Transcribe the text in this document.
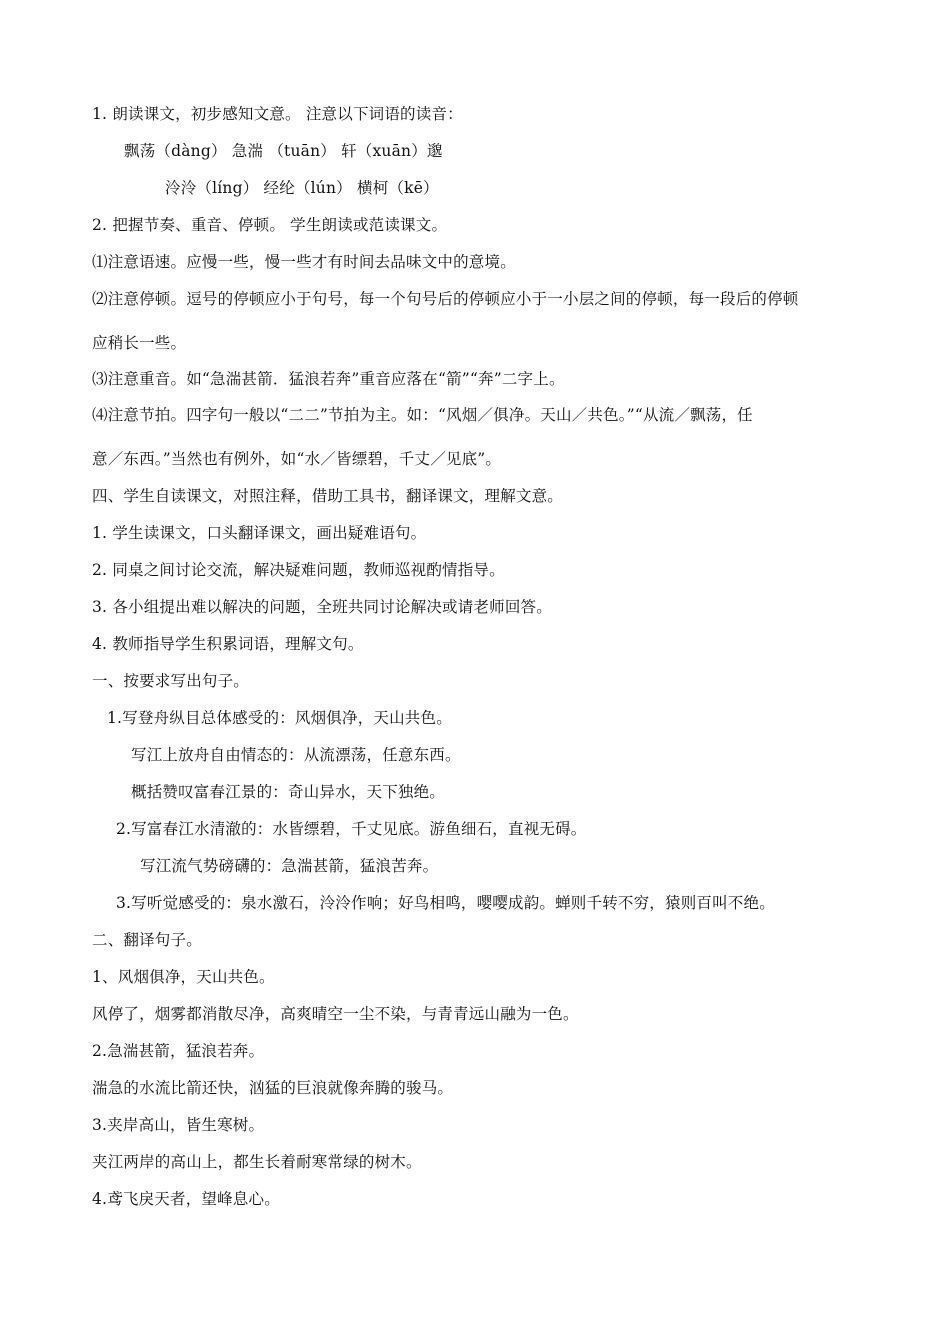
1. 朗读课文，初步感知文意。 注意以下词语的读音：
飘荡（dàng） 急湍 （tuān） 轩（xuān）邈
泠泠（líng） 经纶（lún） 横柯（kē）
2. 把握节奏、重音、停顿。 学生朗读或范读课文。
⑴注意语速。应慢一些，慢一些才有时间去品味文中的意境。
⑵注意停顿。逗号的停顿应小于句号，每一个句号后的停顿应小于一小层之间的停顿，每一段后的停顿
应稍长一些。
⑶注意重音。如“急湍甚箭．猛浪若奔”重音应落在“箭”“奔”二字上。
⑷注意节拍。四字句一般以“二二”节拍为主。如：“风烟／俱净。天山／共色。”“从流／飘荡，任
意／东西。”当然也有例外，如“水／皆缥碧，千丈／见底”。
四、学生自读课文，对照注释，借助工具书，翻译课文，理解文意。
1. 学生读课文，口头翻译课文，画出疑难语句。
2. 同桌之间讨论交流，解决疑难问题，教师巡视酌情指导。
3. 各小组提出难以解决的问题，全班共同讨论解决或请老师回答。
4. 教师指导学生积累词语，理解文句。
一、按要求写出句子。
1.写登舟纵目总体感受的：风烟俱净，天山共色。
写江上放舟自由情态的：从流漂荡，任意东西。
概括赞叹富春江景的：奇山异水，天下独绝。
2.写富春江水清澈的：水皆缥碧，千丈见底。游鱼细石，直视无碍。
写江流气势磅礴的：急湍甚箭，猛浪苦奔。
3.写听觉感受的：泉水激石，泠泠作响；好鸟相鸣，嘤嘤成韵。蝉则千转不穷，猿则百叫不绝。
二、翻译句子。
1、风烟俱净，天山共色。
风停了，烟雾都消散尽净，高爽晴空一尘不染，与青青远山融为一色。
2.急湍甚箭，猛浪若奔。
湍急的水流比箭还快，汹猛的巨浪就像奔腾的骏马。
3.夹岸高山，皆生寒树。
夹江两岸的高山上，都生长着耐寒常绿的树木。
4.鸢飞戾天者，望峰息心。
